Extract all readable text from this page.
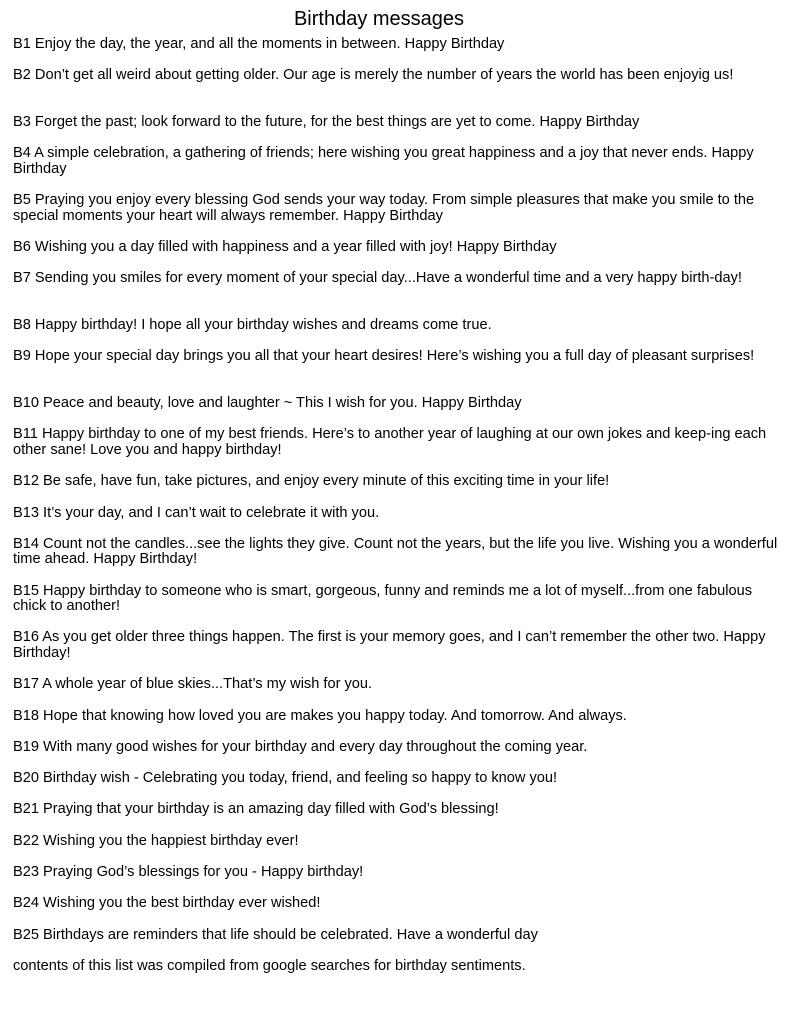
Birthday messages

B1 Enjoy the day, the year, and all the moments in between. Happy Birthday

B2 Don’t get all weird about getting older. Our age is merely the number of years the world has been enjoyig us!

B3 Forget the past; look forward to the future, for the best things are yet to come. Happy Birthday

B4 A simple celebration, a gathering of friends; here wishing you great happiness and a joy that never ends. Happy Birthday

B5 Praying you enjoy every blessing God sends your way today. From simple pleasures that make you smile to the special moments your heart will always remember. Happy Birthday

B6 Wishing you a day filled with happiness and a year filled with joy! Happy Birthday

B7 Sending you smiles for every moment of your special day...Have a wonderful time and a very happy birth-day!

B8 Happy birthday! I hope all your birthday wishes and dreams come true.

B9 Hope your special day brings you all that your heart desires! Here’s wishing you a full day of pleasant surprises!

B10 Peace and beauty, love and laughter ~ This I wish for you. Happy Birthday

B11 Happy birthday to one of my best friends. Here’s to another year of laughing at our own jokes and keep-ing each other sane! Love you and happy birthday!

B12 Be safe, have fun, take pictures, and enjoy every minute of this exciting time in your life!

B13 It’s your day, and I can’t wait to celebrate it with you.

B14 Count not the candles...see the lights they give. Count not the years, but the life you live. Wishing you a wonderful time ahead. Happy Birthday!

B15 Happy birthday to someone who is smart, gorgeous, funny and reminds me a lot of myself...from one fabulous chick to another!

B16 As you get older three things happen. The first is your memory goes, and I can’t remember the other two. Happy Birthday!

B17 A whole year of blue skies...That’s my wish for you.

B18 Hope that knowing how loved you are makes you happy today. And tomorrow. And always.

B19 With many good wishes for your birthday and every day throughout the coming year.

B20 Birthday wish - Celebrating you today, friend, and feeling so happy to know you!

B21 Praying that your birthday is an amazing day filled with God’s blessing!

B22 Wishing you the happiest birthday ever!

B23 Praying God’s blessings for you - Happy birthday!

B24 Wishing you the best birthday ever wished!

B25 Birthdays are reminders that life should be celebrated. Have a wonderful day

contents of this list was compiled from google searches for birthday sentiments.
